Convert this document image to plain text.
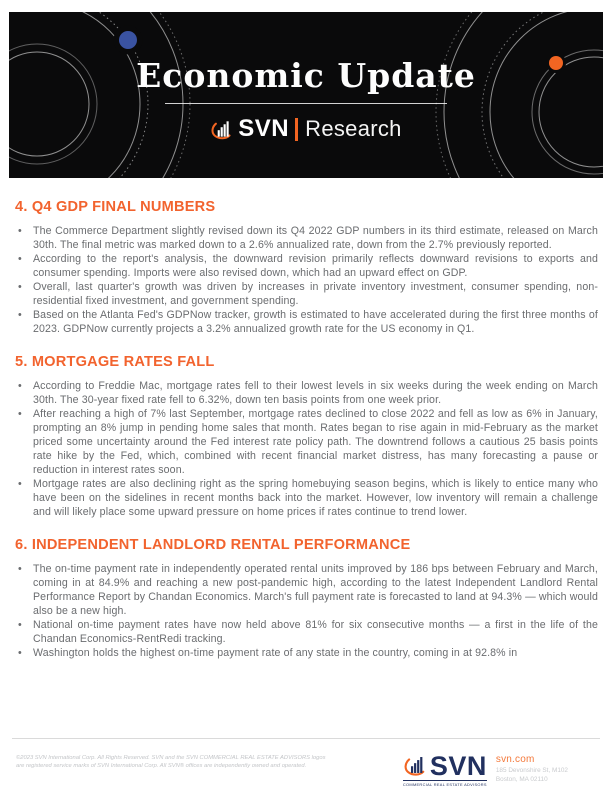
Economic Update
SVN Research
4. Q4 GDP FINAL NUMBERS
• The Commerce Department slightly revised down its Q4 2022 GDP numbers in its third estimate, released on March 30th. The final metric was marked down to a 2.6% annualized rate, down from the 2.7% previously reported.
• According to the report's analysis, the downward revision primarily reflects downward revisions to exports and consumer spending. Imports were also revised down, which had an upward effect on GDP.
• Overall, last quarter's growth was driven by increases in private inventory investment, consumer spending, non-residential fixed investment, and government spending.
• Based on the Atlanta Fed's GDPNow tracker, growth is estimated to have accelerated during the first three months of 2023. GDPNow currently projects a 3.2% annualized growth rate for the US economy in Q1.
5. MORTGAGE RATES FALL
• According to Freddie Mac, mortgage rates fell to their lowest levels in six weeks during the week ending on March 30th. The 30-year fixed rate fell to 6.32%, down ten basis points from one week prior.
• After reaching a high of 7% last September, mortgage rates declined to close 2022 and fell as low as 6% in January, prompting an 8% jump in pending home sales that month. Rates began to rise again in mid-February as the market priced some uncertainty around the Fed interest rate policy path. The downtrend follows a cautious 25 basis points rate hike by the Fed, which, combined with recent financial market distress, has many forecasting a pause or reduction in interest rates soon.
• Mortgage rates are also declining right as the spring homebuying season begins, which is likely to entice many who have been on the sidelines in recent months back into the market. However, low inventory will remain a challenge and will likely place some upward pressure on home prices if rates continue to trend lower.
6. INDEPENDENT LANDLORD RENTAL PERFORMANCE
• The on-time payment rate in independently operated rental units improved by 186 bps between February and March, coming in at 84.9% and reaching a new post-pandemic high, according to the latest Independent Landlord Rental Performance Report by Chandan Economics. March's full payment rate is forecasted to land at 94.3% — which would also be a new high.
• National on-time payment rates have now held above 81% for six consecutive months — a first in the life of the Chandan Economics-RentRedi tracking.
• Washington holds the highest on-time payment rate of any state in the country, coming in at 92.8% in

©2023 SVN International Corp. All Rights Reserved. SVN and the SVN COMMERCIAL REAL ESTATE ADVISORS logos are registered service marks of SVN International Corp. All SVN® offices are independently owned and operated.	SVN
COMMERCIAL REAL ESTATE ADVISORS
svn.com
185 Devonshire St, M102
Boston, MA 02110
